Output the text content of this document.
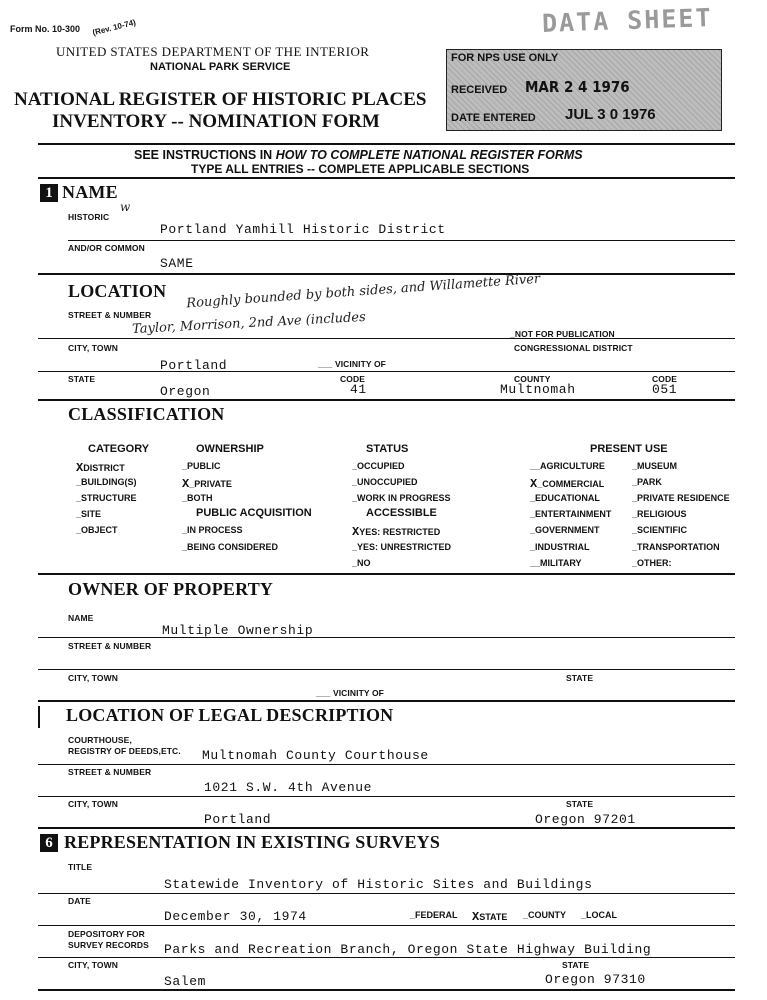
Form No. 10-300 (Rev. 10-74)	DATA SHEET
UNITED STATES DEPARTMENT OF THE INTERIOR
NATIONAL PARK SERVICE
NATIONAL REGISTER OF HISTORIC PLACES
INVENTORY -- NOMINATION FORM
FOR NPS USE ONLY
RECEIVED MAR 2 4 1976
DATE ENTERED JUL 3 0 1976
SEE INSTRUCTIONS IN HOW TO COMPLETE NATIONAL REGISTER FORMS
TYPE ALL ENTRIES -- COMPLETE APPLICABLE SECTIONS
1 NAME
HISTORIC
w
Portland Yamhill Historic District
AND/OR COMMON
SAME
LOCATION
STREET & NUMBER
Roughly bounded by both sides, and Willamette River
Taylor, Morrison, 2nd Ave (includes	_NOT FOR PUBLICATION
CITY, TOWN	CONGRESSIONAL DISTRICT
Portland	___ VICINITY OF
STATE	CODE	COUNTY	CODE
Oregon	41	Multnomah	051
CLASSIFICATION
CATEGORY
XDISTRICT
_BUILDING(S)
_STRUCTURE
_SITE
_OBJECT
OWNERSHIP
_PUBLIC
X_PRIVATE
_BOTH
PUBLIC ACQUISITION
_IN PROCESS
_BEING CONSIDERED
STATUS
_OCCUPIED
_UNOCCUPIED
_WORK IN PROGRESS
ACCESSIBLE
XYES: RESTRICTED
_YES: UNRESTRICTED
_NO
PRESENT USE
__AGRICULTURE
X_COMMERCIAL
_EDUCATIONAL
_ENTERTAINMENT
_GOVERNMENT
_INDUSTRIAL
__MILITARY
_MUSEUM
_PARK
_PRIVATE RESIDENCE
_RELIGIOUS
_SCIENTIFIC
_TRANSPORTATION
_OTHER:
OWNER OF PROPERTY
NAME
Multiple Ownership
STREET & NUMBER
CITY, TOWN	STATE
___ VICINITY OF
LOCATION OF LEGAL DESCRIPTION
COURTHOUSE,
REGISTRY OF DEEDS,ETC. Multnomah County Courthouse
STREET & NUMBER
1021 S.W. 4th Avenue
CITY, TOWN	STATE
Portland	Oregon 97201
6 REPRESENTATION IN EXISTING SURVEYS
TITLE
Statewide Inventory of Historic Sites and Buildings
DATE
December 30, 1974	_FEDERAL XSTATE _COUNTY _LOCAL
DEPOSITORY FOR
SURVEY RECORDS Parks and Recreation Branch, Oregon State Highway Building
CITY, TOWN	STATE
Salem	Oregon 97310
